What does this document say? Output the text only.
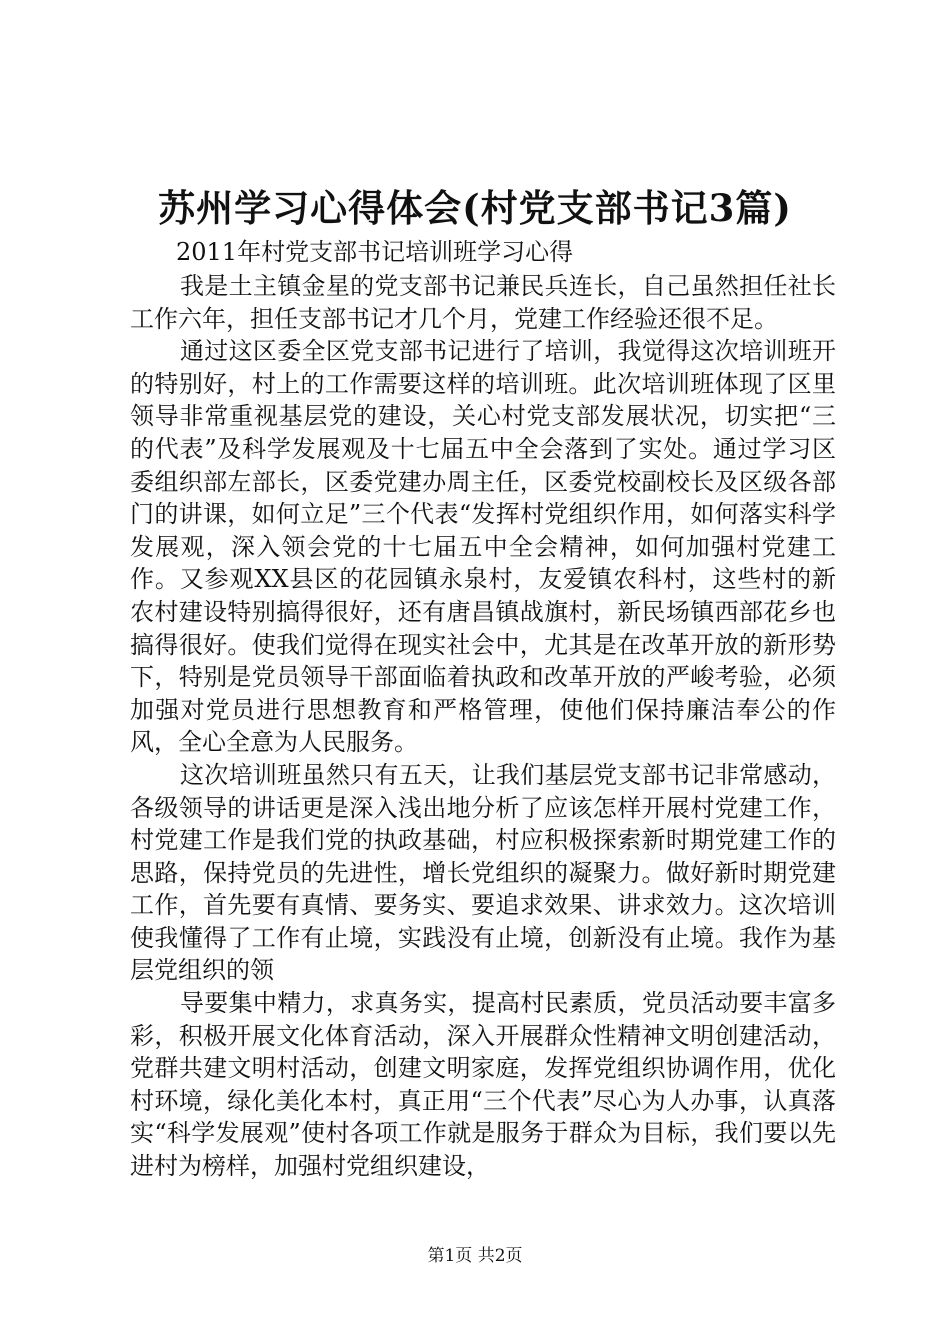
苏州学习心得体会(村党支部书记3篇)
2011年村党支部书记培训班学习心得

我是土主镇金星的党支部书记兼民兵连长，自己虽然担任社长工作六年，担任支部书记才几个月，党建工作经验还很不足。

通过这区委全区党支部书记进行了培训，我觉得这次培训班开的特别好，村上的工作需要这样的培训班。此次培训班体现了区里领导非常重视基层党的建设，关心村党支部发展状况，切实把“三的代表”及科学发展观及十七届五中全会落到了实处。通过学习区委组织部左部长，区委党建办周主任，区委党校副校长及区级各部门的讲课，如何立足”三个代表“发挥村党组织作用，如何落实科学发展观，深入领会党的十七届五中全会精神，如何加强村党建工作。又参观XX县区的花园镇永泉村，友爱镇农科村，这些村的新农村建设特别搞得很好，还有唐昌镇战旗村，新民场镇西部花乡也搞得很好。使我们觉得在现实社会中，尤其是在改革开放的新形势下，特别是党员领导干部面临着执政和改革开放的严峻考验，必须加强对党员进行思想教育和严格管理，使他们保持廉洁奉公的作风，全心全意为人民服务。

这次培训班虽然只有五天，让我们基层党支部书记非常感动，各级领导的讲话更是深入浅出地分析了应该怎样开展村党建工作，村党建工作是我们党的执政基础，村应积极探索新时期党建工作的思路，保持党员的先进性，增长党组织的凝聚力。做好新时期党建工作，首先要有真情、要务实、要追求效果、讲求效力。这次培训使我懂得了工作有止境，实践没有止境，创新没有止境。我作为基层党组织的领

导要集中精力，求真务实，提高村民素质，党员活动要丰富多彩，积极开展文化体育活动，深入开展群众性精神文明创建活动，党群共建文明村活动，创建文明家庭，发挥党组织协调作用，优化村环境，绿化美化本村，真正用“三个代表”尽心为人办事，认真落实“科学发展观”使村各项工作就是服务于群众为目标，我们要以先进村为榜样，加强村党组织建设，

第1页 共2页
